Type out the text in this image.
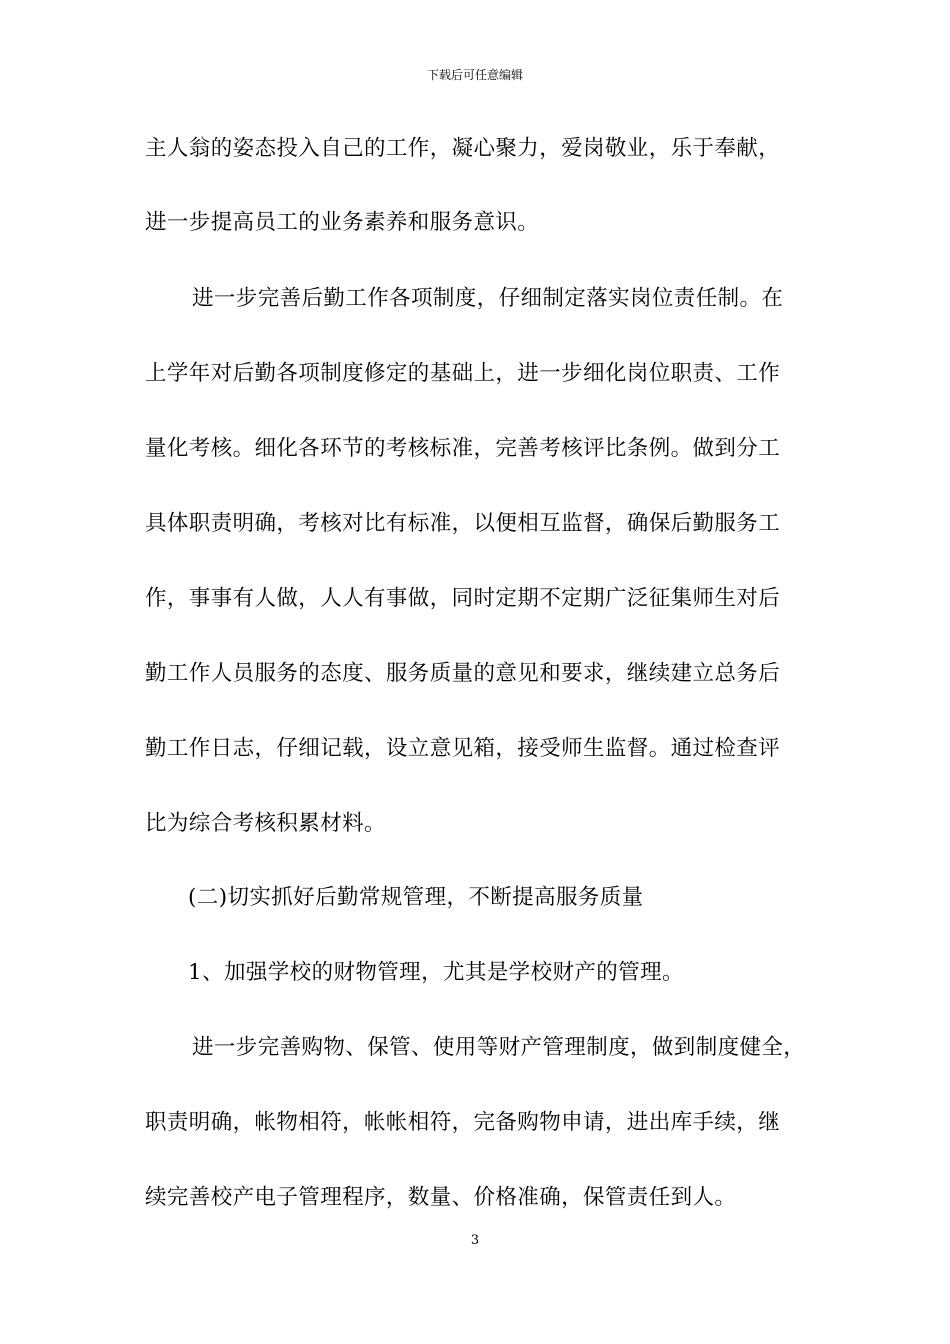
下载后可任意编辑
主人翁的姿态投入自己的工作，凝心聚力，爱岗敬业，乐于奉献，
进一步提高员工的业务素养和服务意识。
进一步完善后勤工作各项制度，仔细制定落实岗位责任制。在
上学年对后勤各项制度修定的基础上，进一步细化岗位职责、工作
量化考核。细化各环节的考核标准，完善考核评比条例。做到分工
具体职责明确，考核对比有标准，以便相互监督，确保后勤服务工
作，事事有人做，人人有事做，同时定期不定期广泛征集师生对后
勤工作人员服务的态度、服务质量的意见和要求，继续建立总务后
勤工作日志，仔细记载，设立意见箱，接受师生监督。通过检查评
比为综合考核积累材料。
(二)切实抓好后勤常规管理，不断提高服务质量
1、加强学校的财物管理，尤其是学校财产的管理。
进一步完善购物、保管、使用等财产管理制度，做到制度健全，
职责明确，帐物相符，帐帐相符，完备购物申请，进出库手续，继
续完善校产电子管理程序，数量、价格准确，保管责任到人。
3
